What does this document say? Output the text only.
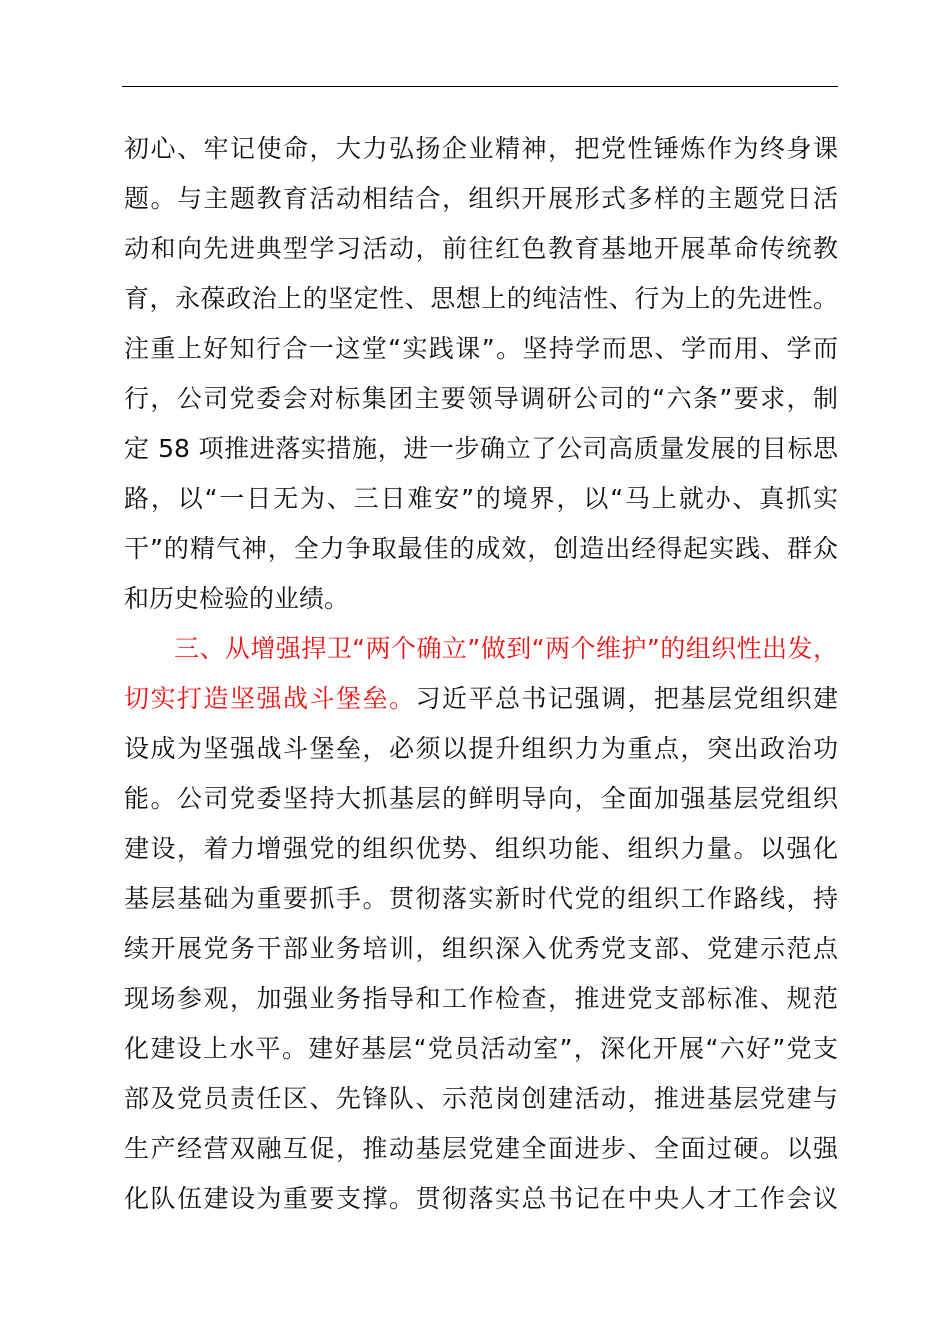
初心、牢记使命，大力弘扬企业精神，把党性锤炼作为终身课
题。与主题教育活动相结合，组织开展形式多样的主题党日活
动和向先进典型学习活动，前往红色教育基地开展革命传统教
育，永葆政治上的坚定性、思想上的纯洁性、行为上的先进性。
注重上好知行合一这堂“实践课”。坚持学而思、学而用、学而
行，公司党委会对标集团主要领导调研公司的“六条”要求，制
定 58 项推进落实措施，进一步确立了公司高质量发展的目标思
路，以“一日无为、三日难安”的境界，以“马上就办、真抓实
干”的精气神，全力争取最佳的成效，创造出经得起实践、群众
和历史检验的业绩。
三、从增强捍卫“两个确立”做到“两个维护”的组织性出发，
切实打造坚强战斗堡垒。习近平总书记强调，把基层党组织建
设成为坚强战斗堡垒，必须以提升组织力为重点，突出政治功
能。公司党委坚持大抓基层的鲜明导向，全面加强基层党组织
建设，着力增强党的组织优势、组织功能、组织力量。以强化
基层基础为重要抓手。贯彻落实新时代党的组织工作路线，持
续开展党务干部业务培训，组织深入优秀党支部、党建示范点
现场参观，加强业务指导和工作检查，推进党支部标准、规范
化建设上水平。建好基层“党员活动室”，深化开展“六好”党支
部及党员责任区、先锋队、示范岗创建活动，推进基层党建与
生产经营双融互促，推动基层党建全面进步、全面过硬。以强
化队伍建设为重要支撑。贯彻落实总书记在中央人才工作会议
